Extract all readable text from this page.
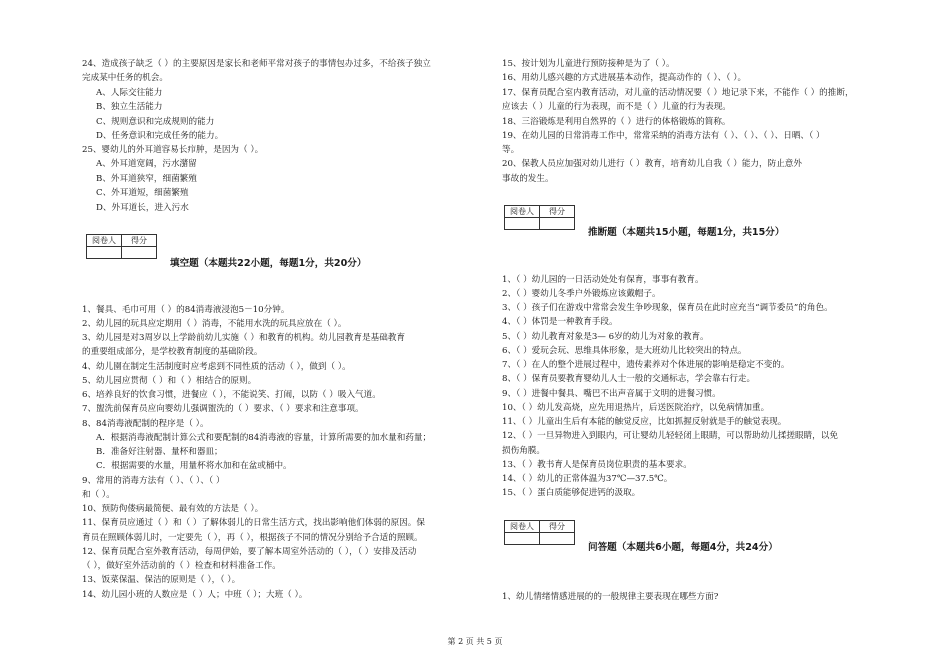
24、造成孩子缺乏（ ）的主要原因是家长和老师平常对孩子的事情包办过多，不给孩子独立
完成某中任务的机会。
A、人际交往能力
B、独立生活能力
C、规则意识和完成规则的能力
D、任务意识和完成任务的能力。
25、婴幼儿的外耳道容易长疖肿，是因为（ ）。
A、外耳道宽阔，污水潴留
B、外耳道狭窄，细菌繁殖
C、外耳道短，细菌繁殖
D、外耳道长，进入污水
阅卷人	得分

填空题（本题共22小题，每题1分，共20分）
1、餐具、毛巾可用（ ）的84消毒液浸泡5－10分钟。
2、幼儿园的玩具应定期用（ ）消毒，不能用水洗的玩具应放在（ ）。
3、幼儿园是对3周岁以上学龄前幼儿实施（ ）和教育的机构。幼儿园教育是基础教育
的重要组成部分，是学校教育制度的基础阶段。
4、幼儿園在制定生活制度时应考虑到不同性质的活动（ ），做到（ ）。
5、幼儿园应贯彻（ ）和（ ）相结合的原则。
6、培养良好的饮食习惯，进餐应（ ），不能说笑、打闹，以防（ ）吸入气道。
7、盥洗前保育员应向婴幼儿强调盥洗的（ ）要求、（ ）要求和注意事项。
8、84消毒液配制的程序是（ ）。
A．根据消毒液配制计算公式和要配制的84消毒液的容量，计算所需要的加水量和药量；
B．准备好注射器、量杯和器皿；
C．根据需要的水量，用量杯将水加和在盆或桶中。
9、常用的消毒方法有（ ）、（ ）、（ ）
和（ ）。
10、预防佝偻病最简便、最有效的方法是（ ）。
11、保育员应通过（ ）和（ ）了解体弱儿的日常生活方式，找出影响他们体弱的原因。保
育员在照顾体弱儿时，一定要先（ ），再（ ），根据孩子不同的情况分别给予合适的照顾。
12、保育员配合室外教育活动，每周伊始，要了解本周室外活动的（ ），（ ）安排及活动
（ ），做好室外活动前的（ ）检查和材料准备工作。
13、饭菜保温、保洁的原则是（ ），（ ）。
14、幼儿园小班的人数应是（ ）人；中班（ ）；大班（ ）。
15、按计划为儿童进行预防接种是为了（ ）。
16、用幼儿感兴趣的方式进展基本动作，提高动作的（ ）、（ ）。
17、保育员配合室内教育活动，对儿童的活动情况要（ ）地记录下来，不能作（ ）的推断，
应该去（ ）儿童的行为表现，而不是（ ）儿童的行为表现。
18、三浴锻炼是利用自然界的（ ）进行的体格锻炼的简称。
19、在幼儿园的日常消毒工作中，常常采纳的消毒方法有（ ）、（ ）、（ ）、日晒、（ ）
等。
20、保教人员应加强对幼儿进行（ ）教育，培育幼儿自我（ ）能力，防止意外
事故的发生。
阅卷人	得分

推断题（本题共15小题，每题1分，共15分）
1、（ ）幼儿园的一日活动处处有保育，事事有教育。
2、（ ）婴幼儿冬季户外锻炼应该戴帽子。
3、（ ）孩子们在游戏中常常会发生争吵现象，保育员在此时应充当“调节委员”的角色。
4、（ ）体罚是一种教育手段。
5、（ ）幼儿教育对象是3— 6岁的幼儿为对象的教育。
6、（ ）爱玩会玩、思维具体形象，是大班幼儿比较突出的特点。
7、（ ）在人的整个进展过程中，遗传素养对个体进展的影响是稳定不变的。
8、（ ）保育员要教育婴幼儿人士一般的交通标志，学会靠右行走。
9、（ ）进餐中餐具、嘴巴不出声音属于文明的进餐习惯。
10、（ ）幼儿发高烧，应先用退热片，后送医院治疗，以免病情加重。
11、（ ）儿童出生后有本能的触觉反应，比如抓握反射就是手的触觉表现。
12、（ ）一旦异物进入到眼内，可让婴幼儿轻轻闭上眼睛，可以帮助幼儿揉搓眼睛，以免
损伤角膜。
13、（ ）教书育人是保育员岗位职责的基本要求。
14、（ ）幼儿的正常体温为37℃—37.5℃。
15、（ ）蛋白质能够促进钙的汲取。
阅卷人	得分

问答题（本题共6小题，每题4分，共24分）
1、幼儿情绪情感进展的的一般规律主要表现在哪些方面?
第 2 页 共 5 页
